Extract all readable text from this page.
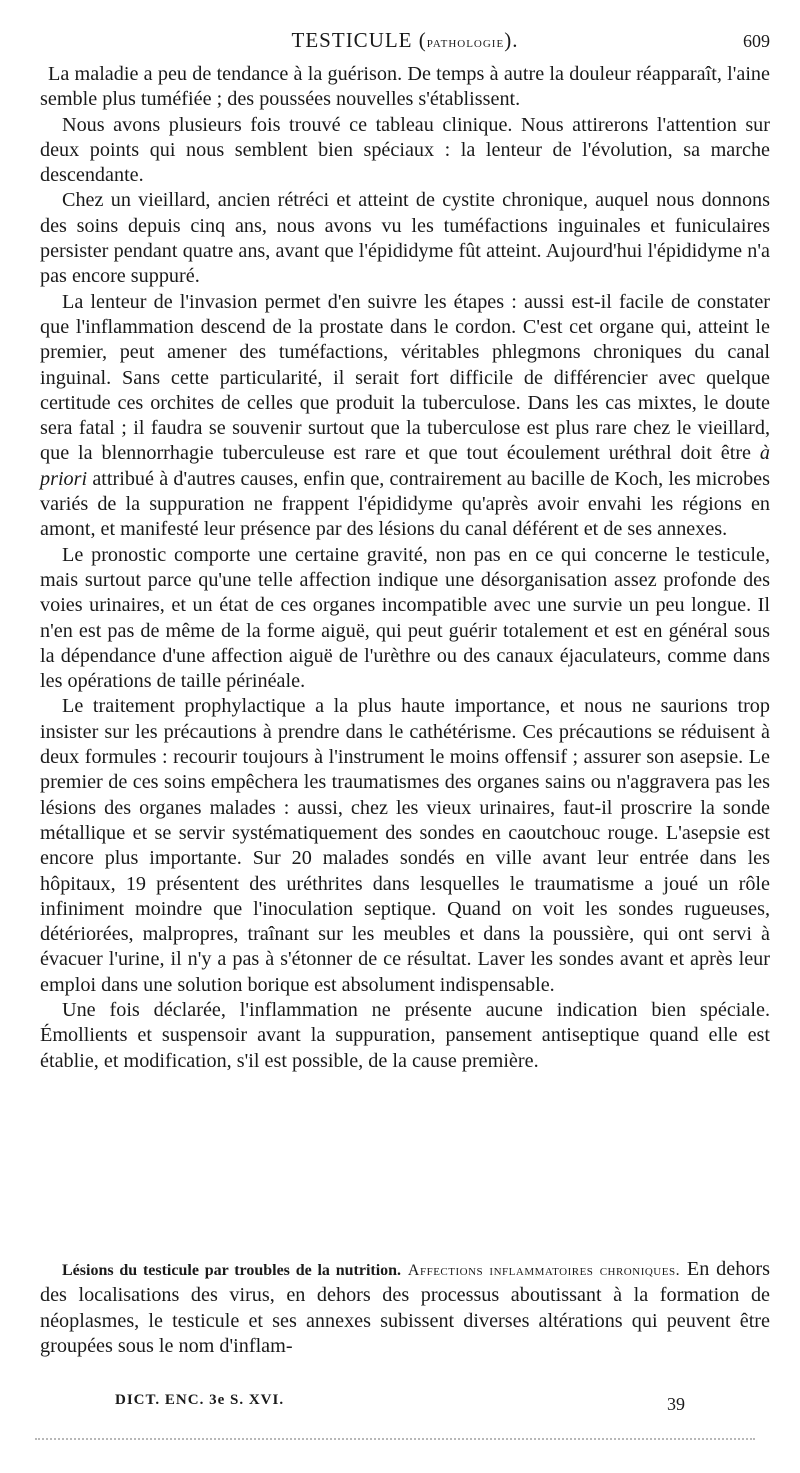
TESTICULE (pathologie).	609

La maladie a peu de tendance à la guérison. De temps à autre la douleur réapparaît, l'aine semble plus tuméfiée ; des poussées nouvelles s'établissent.

Nous avons plusieurs fois trouvé ce tableau clinique. Nous attirerons l'attention sur deux points qui nous semblent bien spéciaux : la lenteur de l'évolution, sa marche descendante.

Chez un vieillard, ancien rétréci et atteint de cystite chronique, auquel nous donnons des soins depuis cinq ans, nous avons vu les tuméfactions inguinales et funiculaires persister pendant quatre ans, avant que l'épididyme fût atteint. Aujourd'hui l'épididyme n'a pas encore suppuré.

La lenteur de l'invasion permet d'en suivre les étapes : aussi est-il facile de constater que l'inflammation descend de la prostate dans le cordon. C'est cet organe qui, atteint le premier, peut amener des tuméfactions, véritables phlegmons chroniques du canal inguinal. Sans cette particularité, il serait fort difficile de différencier avec quelque certitude ces orchites de celles que produit la tuberculose. Dans les cas mixtes, le doute sera fatal ; il faudra se souvenir surtout que la tuberculose est plus rare chez le vieillard, que la blennorrhagie tuberculeuse est rare et que tout écoulement uréthral doit être à priori attribué à d'autres causes, enfin que, contrairement au bacille de Koch, les microbes variés de la suppuration ne frappent l'épididyme qu'après avoir envahi les régions en amont, et manifesté leur présence par des lésions du canal déférent et de ses annexes.

Le pronostic comporte une certaine gravité, non pas en ce qui concerne le testicule, mais surtout parce qu'une telle affection indique une désorganisation assez profonde des voies urinaires, et un état de ces organes incompatible avec une survie un peu longue. Il n'en est pas de même de la forme aiguë, qui peut guérir totalement et est en général sous la dépendance d'une affection aiguë de l'urèthre ou des canaux éjaculateurs, comme dans les opérations de taille périnéale.

Le traitement prophylactique a la plus haute importance, et nous ne saurions trop insister sur les précautions à prendre dans le cathétérisme. Ces précautions se réduisent à deux formules : recourir toujours à l'instrument le moins offensif ; assurer son asepsie. Le premier de ces soins empêchera les traumatismes des organes sains ou n'aggravera pas les lésions des organes malades : aussi, chez les vieux urinaires, faut-il proscrire la sonde métallique et se servir systématiquement des sondes en caoutchouc rouge. L'asepsie est encore plus importante. Sur 20 malades sondés en ville avant leur entrée dans les hôpitaux, 19 présentent des uréthrites dans lesquelles le traumatisme a joué un rôle infiniment moindre que l'inoculation septique. Quand on voit les sondes rugueuses, détériorées, malpropres, traînant sur les meubles et dans la poussière, qui ont servi à évacuer l'urine, il n'y a pas à s'étonner de ce résultat. Laver les sondes avant et après leur emploi dans une solution borique est absolument indispensable.

Une fois déclarée, l'inflammation ne présente aucune indication bien spéciale. Émollients et suspensoir avant la suppuration, pansement antiseptique quand elle est établie, et modification, s'il est possible, de la cause première.

Lésions du testicule par troubles de la nutrition. Affections inflammatoires chroniques. En dehors des localisations des virus, en dehors des processus aboutissant à la formation de néoplasmes, le testicule et ses annexes subissent diverses altérations qui peuvent être groupées sous le nom d'inflam-

DICT. ENC. 3e S. XVI.	39
